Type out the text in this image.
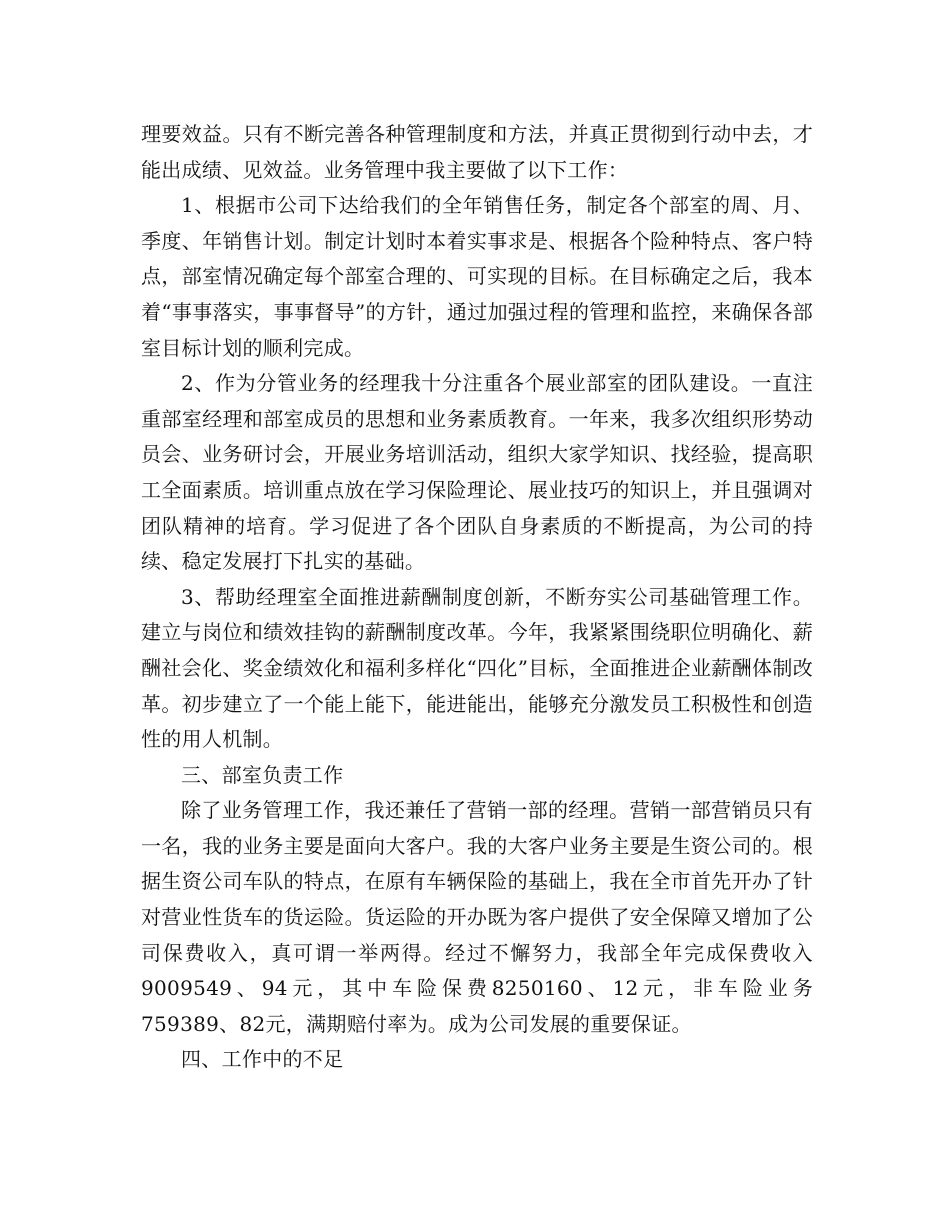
理要效益。只有不断完善各种管理制度和方法，并真正贯彻到行动中去，才能出成绩、见效益。业务管理中我主要做了以下工作：

1、根据市公司下达给我们的全年销售任务，制定各个部室的周、月、季度、年销售计划。制定计划时本着实事求是、根据各个险种特点、客户特点，部室情况确定每个部室合理的、可实现的目标。在目标确定之后，我本着“事事落实，事事督导”的方针，通过加强过程的管理和监控，来确保各部室目标计划的顺利完成。

2、作为分管业务的经理我十分注重各个展业部室的团队建设。一直注重部室经理和部室成员的思想和业务素质教育。一年来，我多次组织形势动员会、业务研讨会，开展业务培训活动，组织大家学知识、找经验，提高职工全面素质。培训重点放在学习保险理论、展业技巧的知识上，并且强调对团队精神的培育。学习促进了各个团队自身素质的不断提高，为公司的持续、稳定发展打下扎实的基础。

3、帮助经理室全面推进薪酬制度创新，不断夯实公司基础管理工作。建立与岗位和绩效挂钩的薪酬制度改革。今年，我紧紧围绕职位明确化、薪酬社会化、奖金绩效化和福利多样化“四化”目标，全面推进企业薪酬体制改革。初步建立了一个能上能下，能进能出，能够充分激发员工积极性和创造性的用人机制。

三、部室负责工作

除了业务管理工作，我还兼任了营销一部的经理。营销一部营销员只有一名，我的业务主要是面向大客户。我的大客户业务主要是生资公司的。根据生资公司车队的特点，在原有车辆保险的基础上，我在全市首先开办了针对营业性货车的货运险。货运险的开办既为客户提供了安全保障又增加了公司保费收入，真可谓一举两得。经过不懈努力，我部全年完成保费收入9009549、94元，其中车险保费8250160、12元，非车险业务759389、82元，满期赔付率为。成为公司发展的重要保证。

四、工作中的不足
